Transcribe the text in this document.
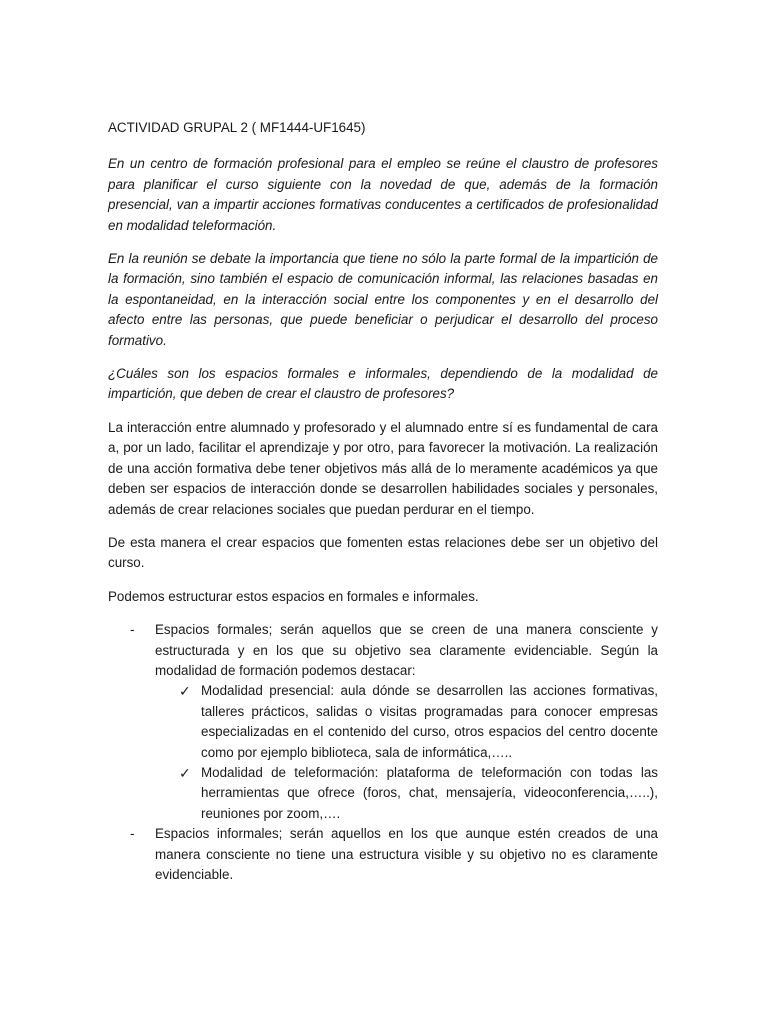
ACTIVIDAD GRUPAL 2 ( MF1444-UF1645)

En un centro de formación profesional para el empleo se reúne el claustro de profesores para planificar el curso siguiente con la novedad de que, además de la formación presencial, van a impartir acciones formativas conducentes a certificados de profesionalidad en modalidad teleformación.

En la reunión se debate la importancia que tiene no sólo la parte formal de la impartición de la formación, sino también el espacio de comunicación informal, las relaciones basadas en la espontaneidad, en la interacción social entre los componentes y en el desarrollo del afecto entre las personas, que puede beneficiar o perjudicar el desarrollo del proceso formativo.

¿Cuáles son los espacios formales e informales, dependiendo de la modalidad de impartición, que deben de crear el claustro de profesores?

La interacción entre alumnado y profesorado y el alumnado entre sí es fundamental de cara a, por un lado, facilitar el aprendizaje y por otro, para favorecer la motivación. La realización de una acción formativa debe tener objetivos más allá de lo meramente académicos ya que deben ser espacios de interacción donde se desarrollen habilidades sociales y personales, además de crear relaciones sociales que puedan perdurar en el tiempo.

De esta manera el crear espacios que fomenten estas relaciones debe ser un objetivo del curso.

Podemos estructurar estos espacios en formales e informales.

- Espacios formales; serán aquellos que se creen de una manera consciente y estructurada y en los que su objetivo sea claramente evidenciable. Según la modalidad de formación podemos destacar:
✓ Modalidad presencial: aula dónde se desarrollen las acciones formativas, talleres prácticos, salidas o visitas programadas para conocer empresas especializadas en el contenido del curso, otros espacios del centro docente como por ejemplo biblioteca, sala de informática,…..
✓ Modalidad de teleformación: plataforma de teleformación con todas las herramientas que ofrece (foros, chat, mensajería, videoconferencia,…..), reuniones por zoom,….
- Espacios informales; serán aquellos en los que aunque estén creados de una manera consciente no tiene una estructura visible y su objetivo no es claramente evidenciable.
